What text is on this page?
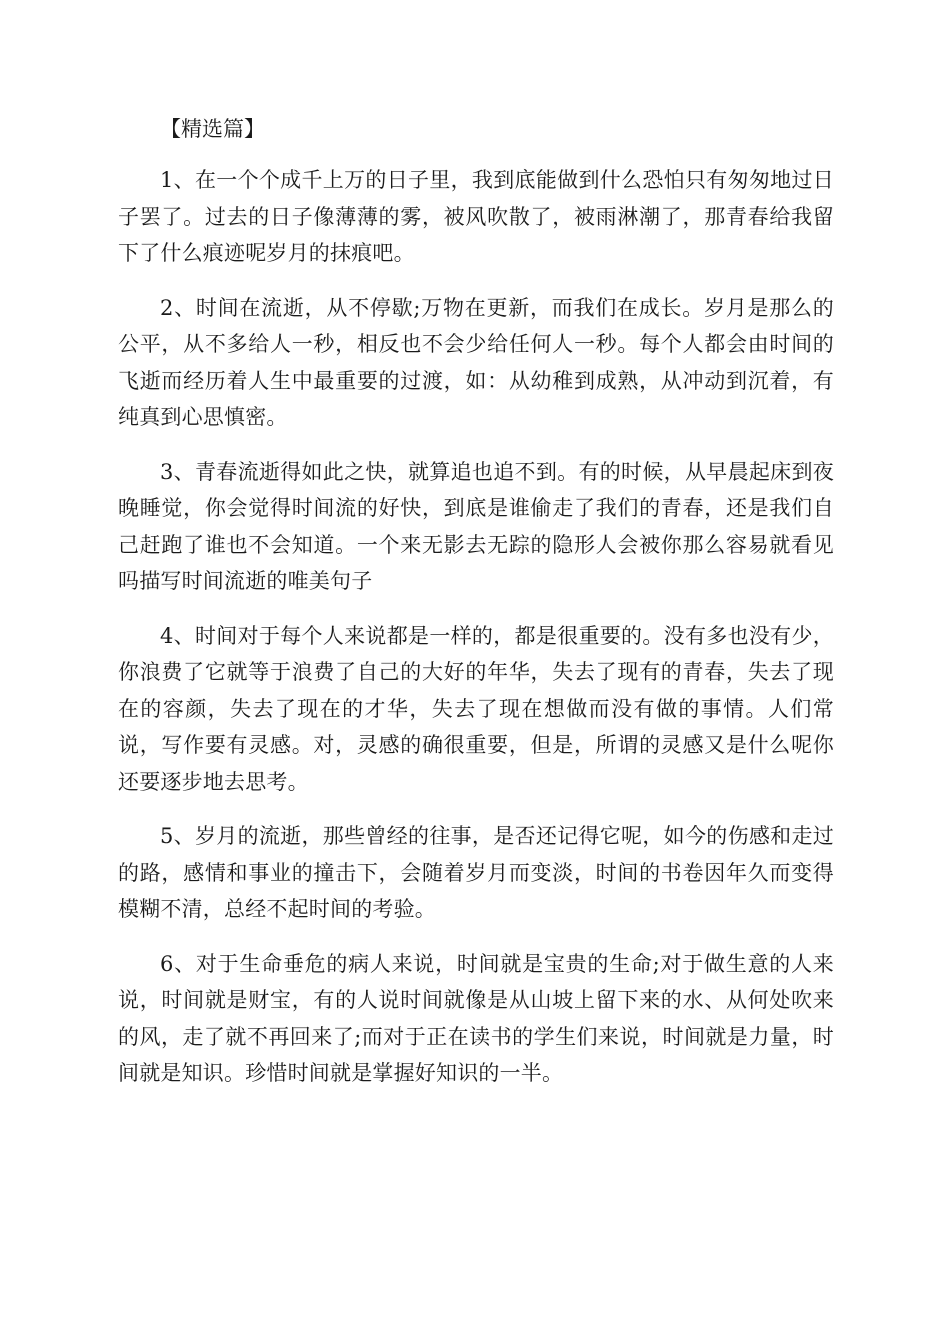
【精选篇】

1、在一个个成千上万的日子里，我到底能做到什么恐怕只有匆匆地过日子罢了。过去的日子像薄薄的雾，被风吹散了，被雨淋潮了，那青春给我留下了什么痕迹呢岁月的抹痕吧。

2、时间在流逝，从不停歇;万物在更新，而我们在成长。岁月是那么的公平，从不多给人一秒，相反也不会少给任何人一秒。每个人都会由时间的飞逝而经历着人生中最重要的过渡，如：从幼稚到成熟，从冲动到沉着，有纯真到心思慎密。

3、青春流逝得如此之快，就算追也追不到。有的时候，从早晨起床到夜晚睡觉，你会觉得时间流的好快，到底是谁偷走了我们的青春，还是我们自己赶跑了谁也不会知道。一个来无影去无踪的隐形人会被你那么容易就看见吗描写时间流逝的唯美句子

4、时间对于每个人来说都是一样的，都是很重要的。没有多也没有少，你浪费了它就等于浪费了自己的大好的年华，失去了现有的青春，失去了现在的容颜，失去了现在的才华，失去了现在想做而没有做的事情。人们常说，写作要有灵感。对，灵感的确很重要，但是，所谓的灵感又是什么呢你还要逐步地去思考。

5、岁月的流逝，那些曾经的往事，是否还记得它呢，如今的伤感和走过的路，感情和事业的撞击下，会随着岁月而变淡，时间的书卷因年久而变得模糊不清，总经不起时间的考验。

6、对于生命垂危的病人来说，时间就是宝贵的生命;对于做生意的人来说，时间就是财宝，有的人说时间就像是从山坡上留下来的水、从何处吹来的风，走了就不再回来了;而对于正在读书的学生们来说，时间就是力量，时间就是知识。珍惜时间就是掌握好知识的一半。
